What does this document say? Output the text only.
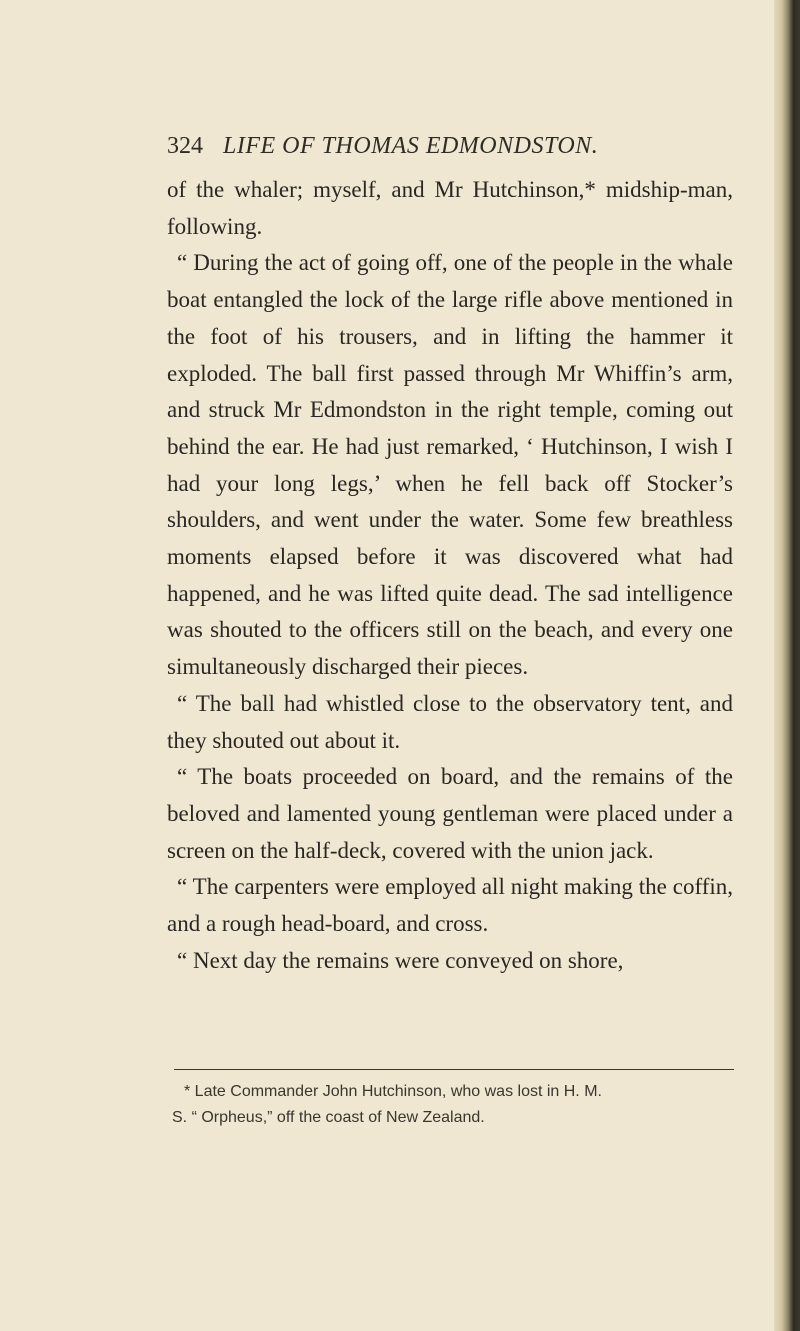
324 LIFE OF THOMAS EDMONDSTON.

of the whaler; myself, and Mr Hutchinson,* midship-man, following.

“ During the act of going off, one of the people in the whale boat entangled the lock of the large rifle above mentioned in the foot of his trousers, and in lifting the hammer it exploded. The ball first passed through Mr Whiffin’s arm, and struck Mr Edmondston in the right temple, coming out behind the ear. He had just remarked, ‘ Hutchinson, I wish I had your long legs,’ when he fell back off Stocker’s shoulders, and went under the water. Some few breathless moments elapsed before it was discovered what had happened, and he was lifted quite dead. The sad intelligence was shouted to the officers still on the beach, and every one simultaneously discharged their pieces.

“ The ball had whistled close to the observatory tent, and they shouted out about it.

“ The boats proceeded on board, and the remains of the beloved and lamented young gentleman were placed under a screen on the half-deck, covered with the union jack.

“ The carpenters were employed all night making the coffin, and a rough head-board, and cross.

“ Next day the remains were conveyed on shore,

* Late Commander John Hutchinson, who was lost in H. M.
S. “ Orpheus,” off the coast of New Zealand.
